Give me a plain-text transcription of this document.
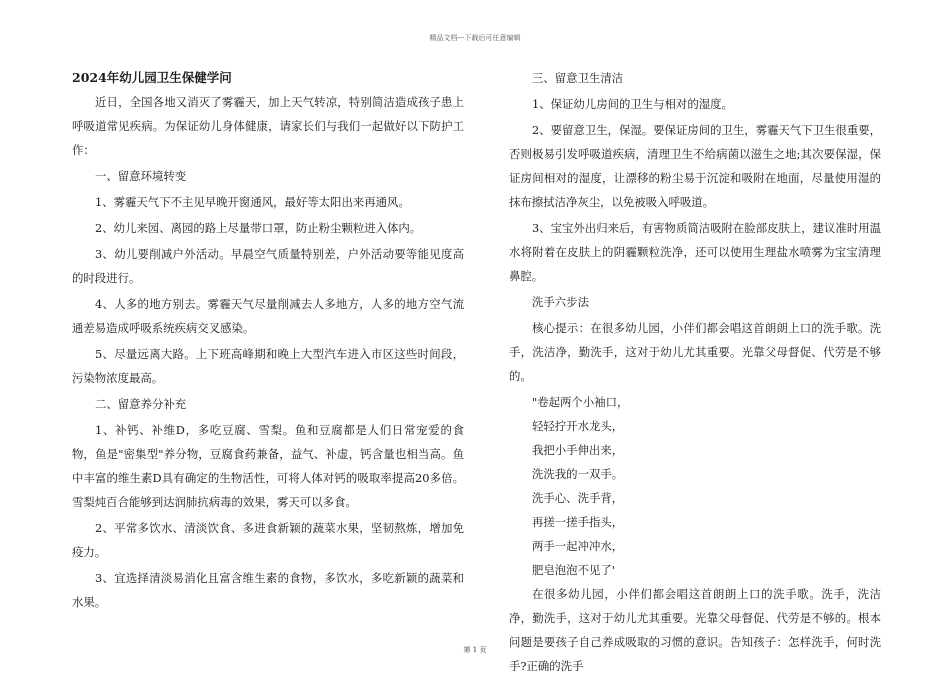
精品文档---下载后可任意编辑

2024年幼儿园卫生保健学问

近日，全国各地又消灭了雾霾天，加上天气转凉，特别简洁造成孩子患上呼吸道常见疾病。为保证幼儿身体健康，请家长们与我们一起做好以下防护工作：

一、留意环境转变

1、雾霾天气下不主见早晚开窗通风，最好等太阳出来再通风。

2、幼儿来园、离园的路上尽量带口罩，防止粉尘颗粒进入体内。

3、幼儿要削减户外活动。早晨空气质量特别差，户外活动要等能见度高的时段进行。

4、人多的地方别去。雾霾天气尽量削减去人多地方，人多的地方空气流通差易造成呼吸系统疾病交叉感染。

5、尽量远离大路。上下班高峰期和晚上大型汽车进入市区这些时间段，污染物浓度最高。

二、留意养分补充

1、补钙、补维D，多吃豆腐、雪梨。鱼和豆腐都是人们日常宠爱的食物，鱼是"密集型"养分物，豆腐食药兼备，益气、补虚，钙含量也相当高。鱼中丰富的维生素D具有确定的生物活性，可将人体对钙的吸取率提高20多倍。雪梨炖百合能够到达润肺抗病毒的效果，雾天可以多食。

2、平常多饮水、清淡饮食、多进食新颖的蔬菜水果，坚韧熬炼，增加免疫力。

3、宜选择清淡易消化且富含维生素的食物，多饮水，多吃新颖的蔬菜和水果。

三、留意卫生清洁

1、保证幼儿房间的卫生与相对的湿度。

2、要留意卫生，保湿。要保证房间的卫生，雾霾天气下卫生很重要，否则极易引发呼吸道疾病，清理卫生不给病菌以滋生之地;其次要保湿，保证房间相对的湿度，让漂移的粉尘易于沉淀和吸附在地面，尽量使用湿的抹布擦拭洁净灰尘，以免被吸入呼吸道。

3、宝宝外出归来后，有害物质简洁吸附在脸部皮肤上，建议准时用温水将附着在皮肤上的阴霾颗粒洗净，还可以使用生理盐水喷雾为宝宝清理鼻腔。

洗手六步法

核心提示：在很多幼儿园，小伴们都会唱这首朗朗上口的洗手歌。洗手，洗洁净，勤洗手，这对于幼儿尤其重要。光靠父母督促、代劳是不够的。

"卷起两个小袖口，

轻轻拧开水龙头，

我把小手伸出来，

洗洗我的一双手。

洗手心、洗手背，

再搓一搓手指头，

两手一起冲冲水，

肥皂泡泡不见了'

在很多幼儿园，小伴们都会唱这首朗朗上口的洗手歌。洗手，洗洁净，勤洗手，这对于幼儿尤其重要。光靠父母督促、代劳是不够的。根本问题是要孩子自己养成吸取的习惯的意识。告知孩子：怎样洗手，何时洗手?正确的洗手

第 1 页
